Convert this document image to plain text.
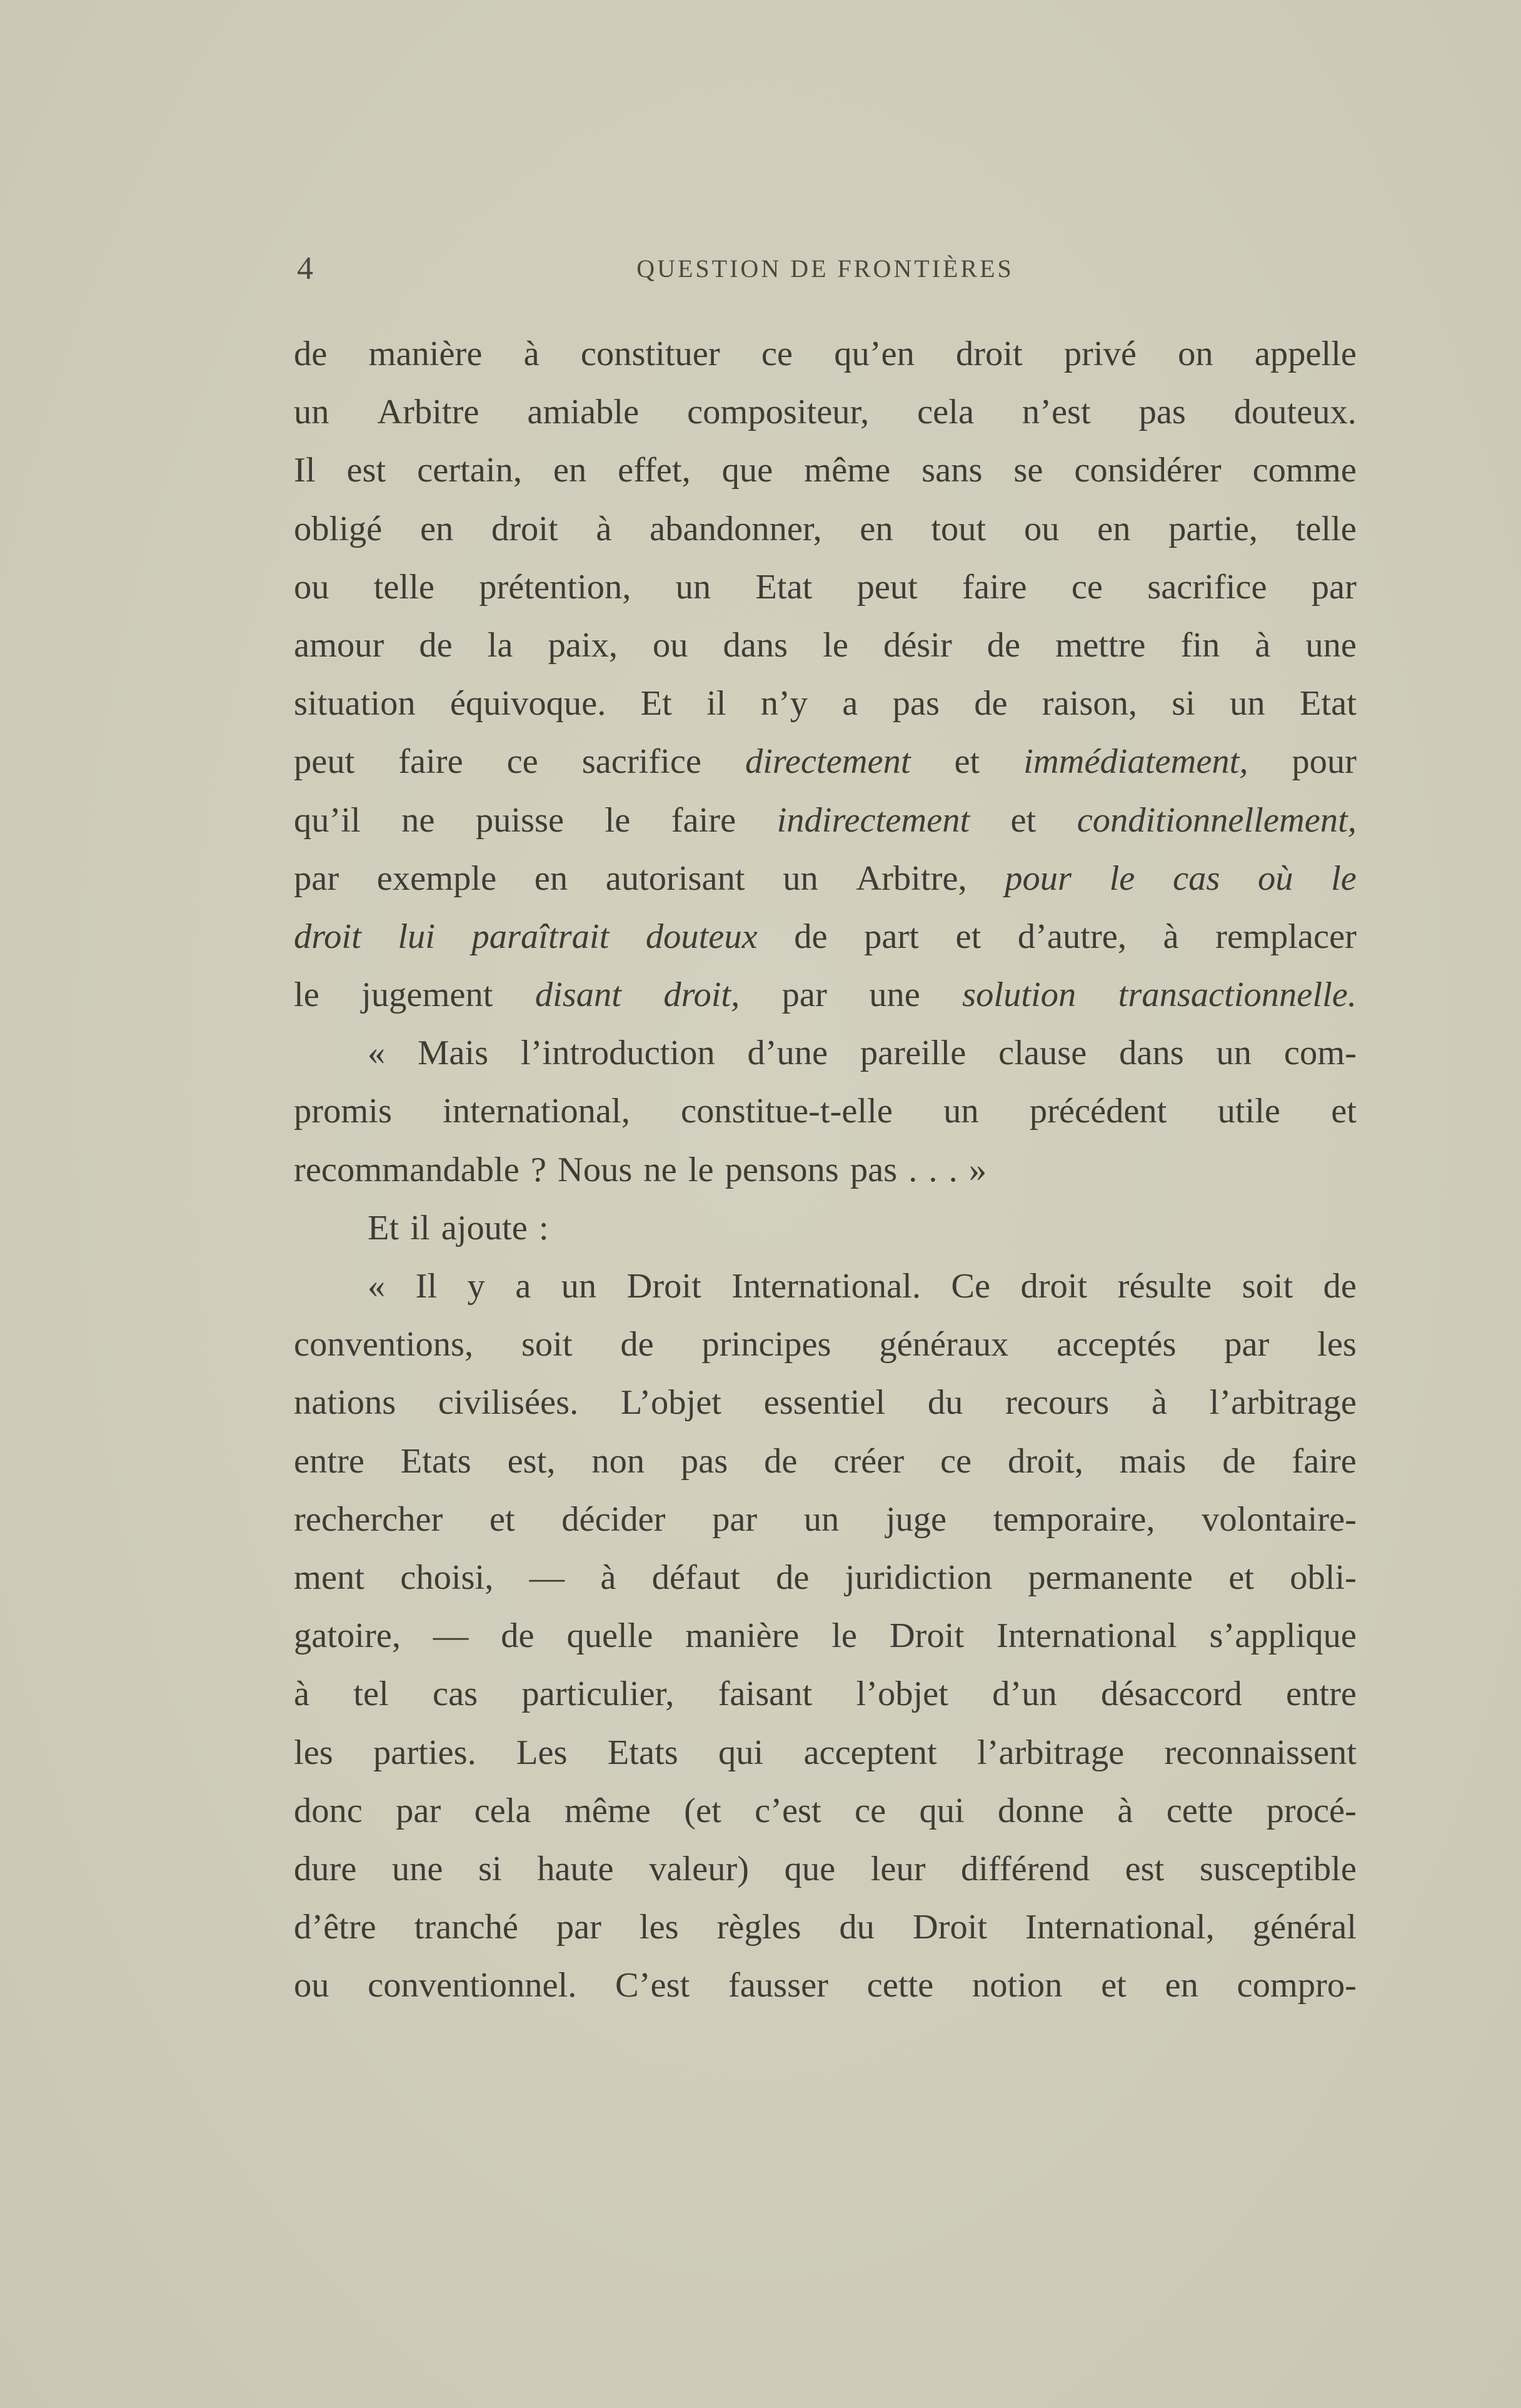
4	QUESTION DE FRONTIÈRES
de manière à constituer ce qu’en droit privé on appelle
un Arbitre amiable compositeur, cela n’est pas douteux.
Il est certain, en effet, que même sans se considérer comme
obligé en droit à abandonner, en tout ou en partie, telle
ou telle prétention, un Etat peut faire ce sacrifice par
amour de la paix, ou dans le désir de mettre fin à une
situation équivoque. Et il n’y a pas de raison, si un Etat
peut faire ce sacrifice directement et immédiatement, pour
qu’il ne puisse le faire indirectement et conditionnellement,
par exemple en autorisant un Arbitre, pour le cas où le
droit lui paraîtrait douteux de part et d’autre, à remplacer
le jugement disant droit, par une solution transactionnelle.
« Mais l’introduction d’une pareille clause dans un com-
promis international, constitue-t-elle un précédent utile et
recommandable ? Nous ne le pensons pas . . . »
Et il ajoute :
« Il y a un Droit International. Ce droit résulte soit de
conventions, soit de principes généraux acceptés par les
nations civilisées. L’objet essentiel du recours à l’arbitrage
entre Etats est, non pas de créer ce droit, mais de faire
rechercher et décider par un juge temporaire, volontaire-
ment choisi, — à défaut de juridiction permanente et obli-
gatoire, — de quelle manière le Droit International s’applique
à tel cas particulier, faisant l’objet d’un désaccord entre
les parties. Les Etats qui acceptent l’arbitrage reconnaissent
donc par cela même (et c’est ce qui donne à cette procé-
dure une si haute valeur) que leur différend est susceptible
d’être tranché par les règles du Droit International, général
ou conventionnel. C’est fausser cette notion et en compro-
